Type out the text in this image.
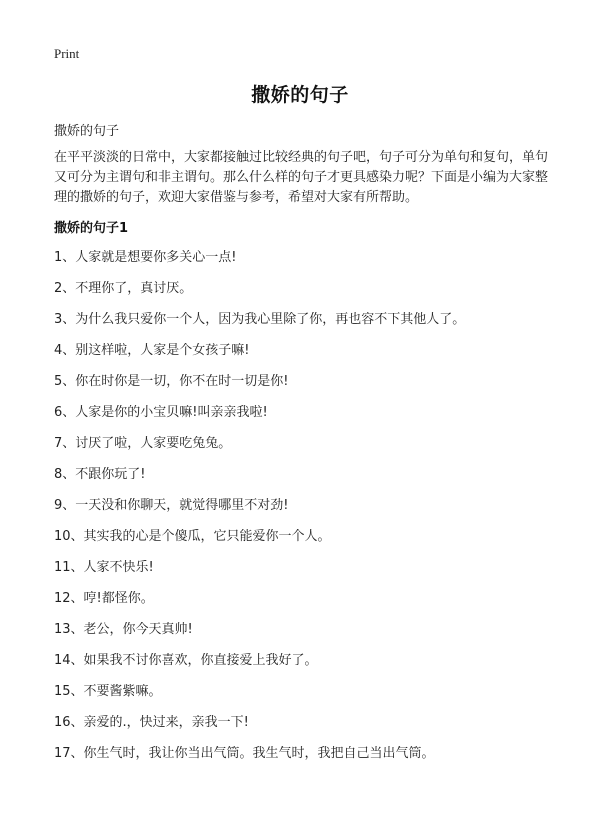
Print
撒娇的句子
撒娇的句子
在平平淡淡的日常中，大家都接触过比较经典的句子吧，句子可分为单句和复句，单句又可分为主谓句和非主谓句。那么什么样的句子才更具感染力呢？下面是小编为大家整理的撒娇的句子，欢迎大家借鉴与参考，希望对大家有所帮助。
撒娇的句子1
1、人家就是想要你多关心一点!
2、不理你了，真讨厌。
3、为什么我只爱你一个人，因为我心里除了你，再也容不下其他人了。
4、别这样啦，人家是个女孩子嘛!
5、你在时你是一切，你不在时一切是你!
6、人家是你的小宝贝嘛!叫亲亲我啦!
7、讨厌了啦，人家要吃兔兔。
8、不跟你玩了!
9、一天没和你聊天，就觉得哪里不对劲!
10、其实我的心是个傻瓜，它只能爱你一个人。
11、人家不快乐!
12、哼!都怪你。
13、老公，你今天真帅!
14、如果我不讨你喜欢，你直接爱上我好了。
15、不要酱紫嘛。
16、亲爱的.，快过来，亲我一下!
17、你生气时，我让你当出气筒。我生气时，我把自己当出气筒。
